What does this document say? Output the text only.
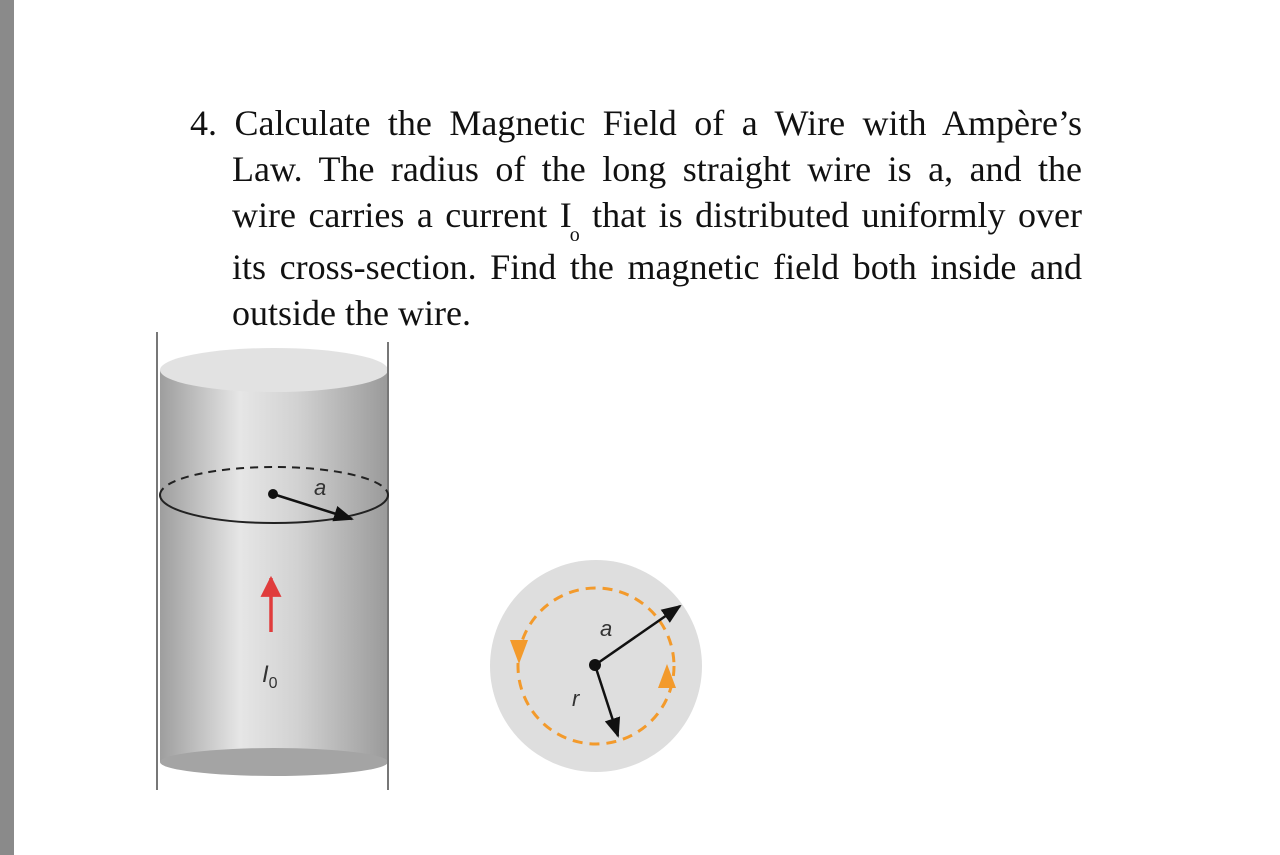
4. Calculate the Magnetic Field of a Wire with Ampère’s

Law. The radius of the long straight wire is a, and the

wire carries a current $I_o$ that is distributed uniformly over

its cross-section. Find the magnetic field both inside and

outside the wire.

a
$I_0$
a
r
